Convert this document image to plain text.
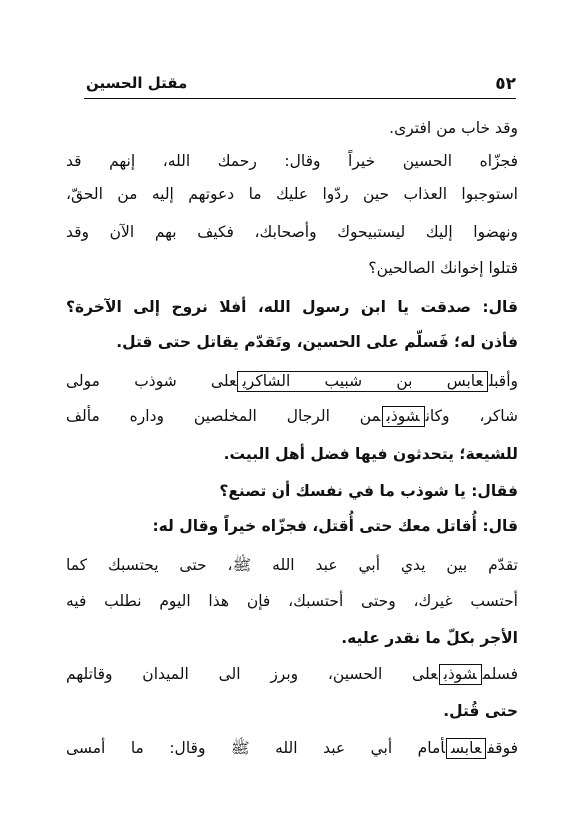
٥٢
مقتل الحسين
وقد خاب من افترى.
فجزّاه الحسين خيراً وقال: رحمك الله، إنهم قد
استوجبوا العذاب حين ردّوا عليك ما دعوتهم إليه من الحقّ،
ونهضوا إليك ليستبيحوك وأصحابك، فكيف بهم الآن وقد
قتلوا إخوانك الصالحين؟
قال: صدقت يا ابن رسول الله، أفلا نروح إلى الآخرة؟
فأذن له؛ فَسلّم على الحسين، وتَقدّم يقاتل حتى قتل.
وأقبلعابس بن شبيب الشاكريعلى شوذب مولى
شاكر، وكانشوذبمن الرجال المخلصين وداره مألف
للشيعة؛ يتحدثون فيها فضل أهل البيت.
فقال: يا شوذب ما في نفسك أن تصنع؟
قال: أُقاتل معك حتى أُقتل، فجزّاه خيراً وقال له:
تقدّم بين يدي أبي عبد الله ﷺ، حتى يحتسبك كما
أحتسب غيرك، وحتى أحتسبك، فإن هذا اليوم نطلب فيه
الأجر بكلّ ما نقدر عليه.
فسلمشوذبعلى الحسين، وبرز الى الميدان وقاتلهم
حتى قُتل.
فوقفعابسأمام أبي عبد الله ﷺ وقال: ما أمسى
